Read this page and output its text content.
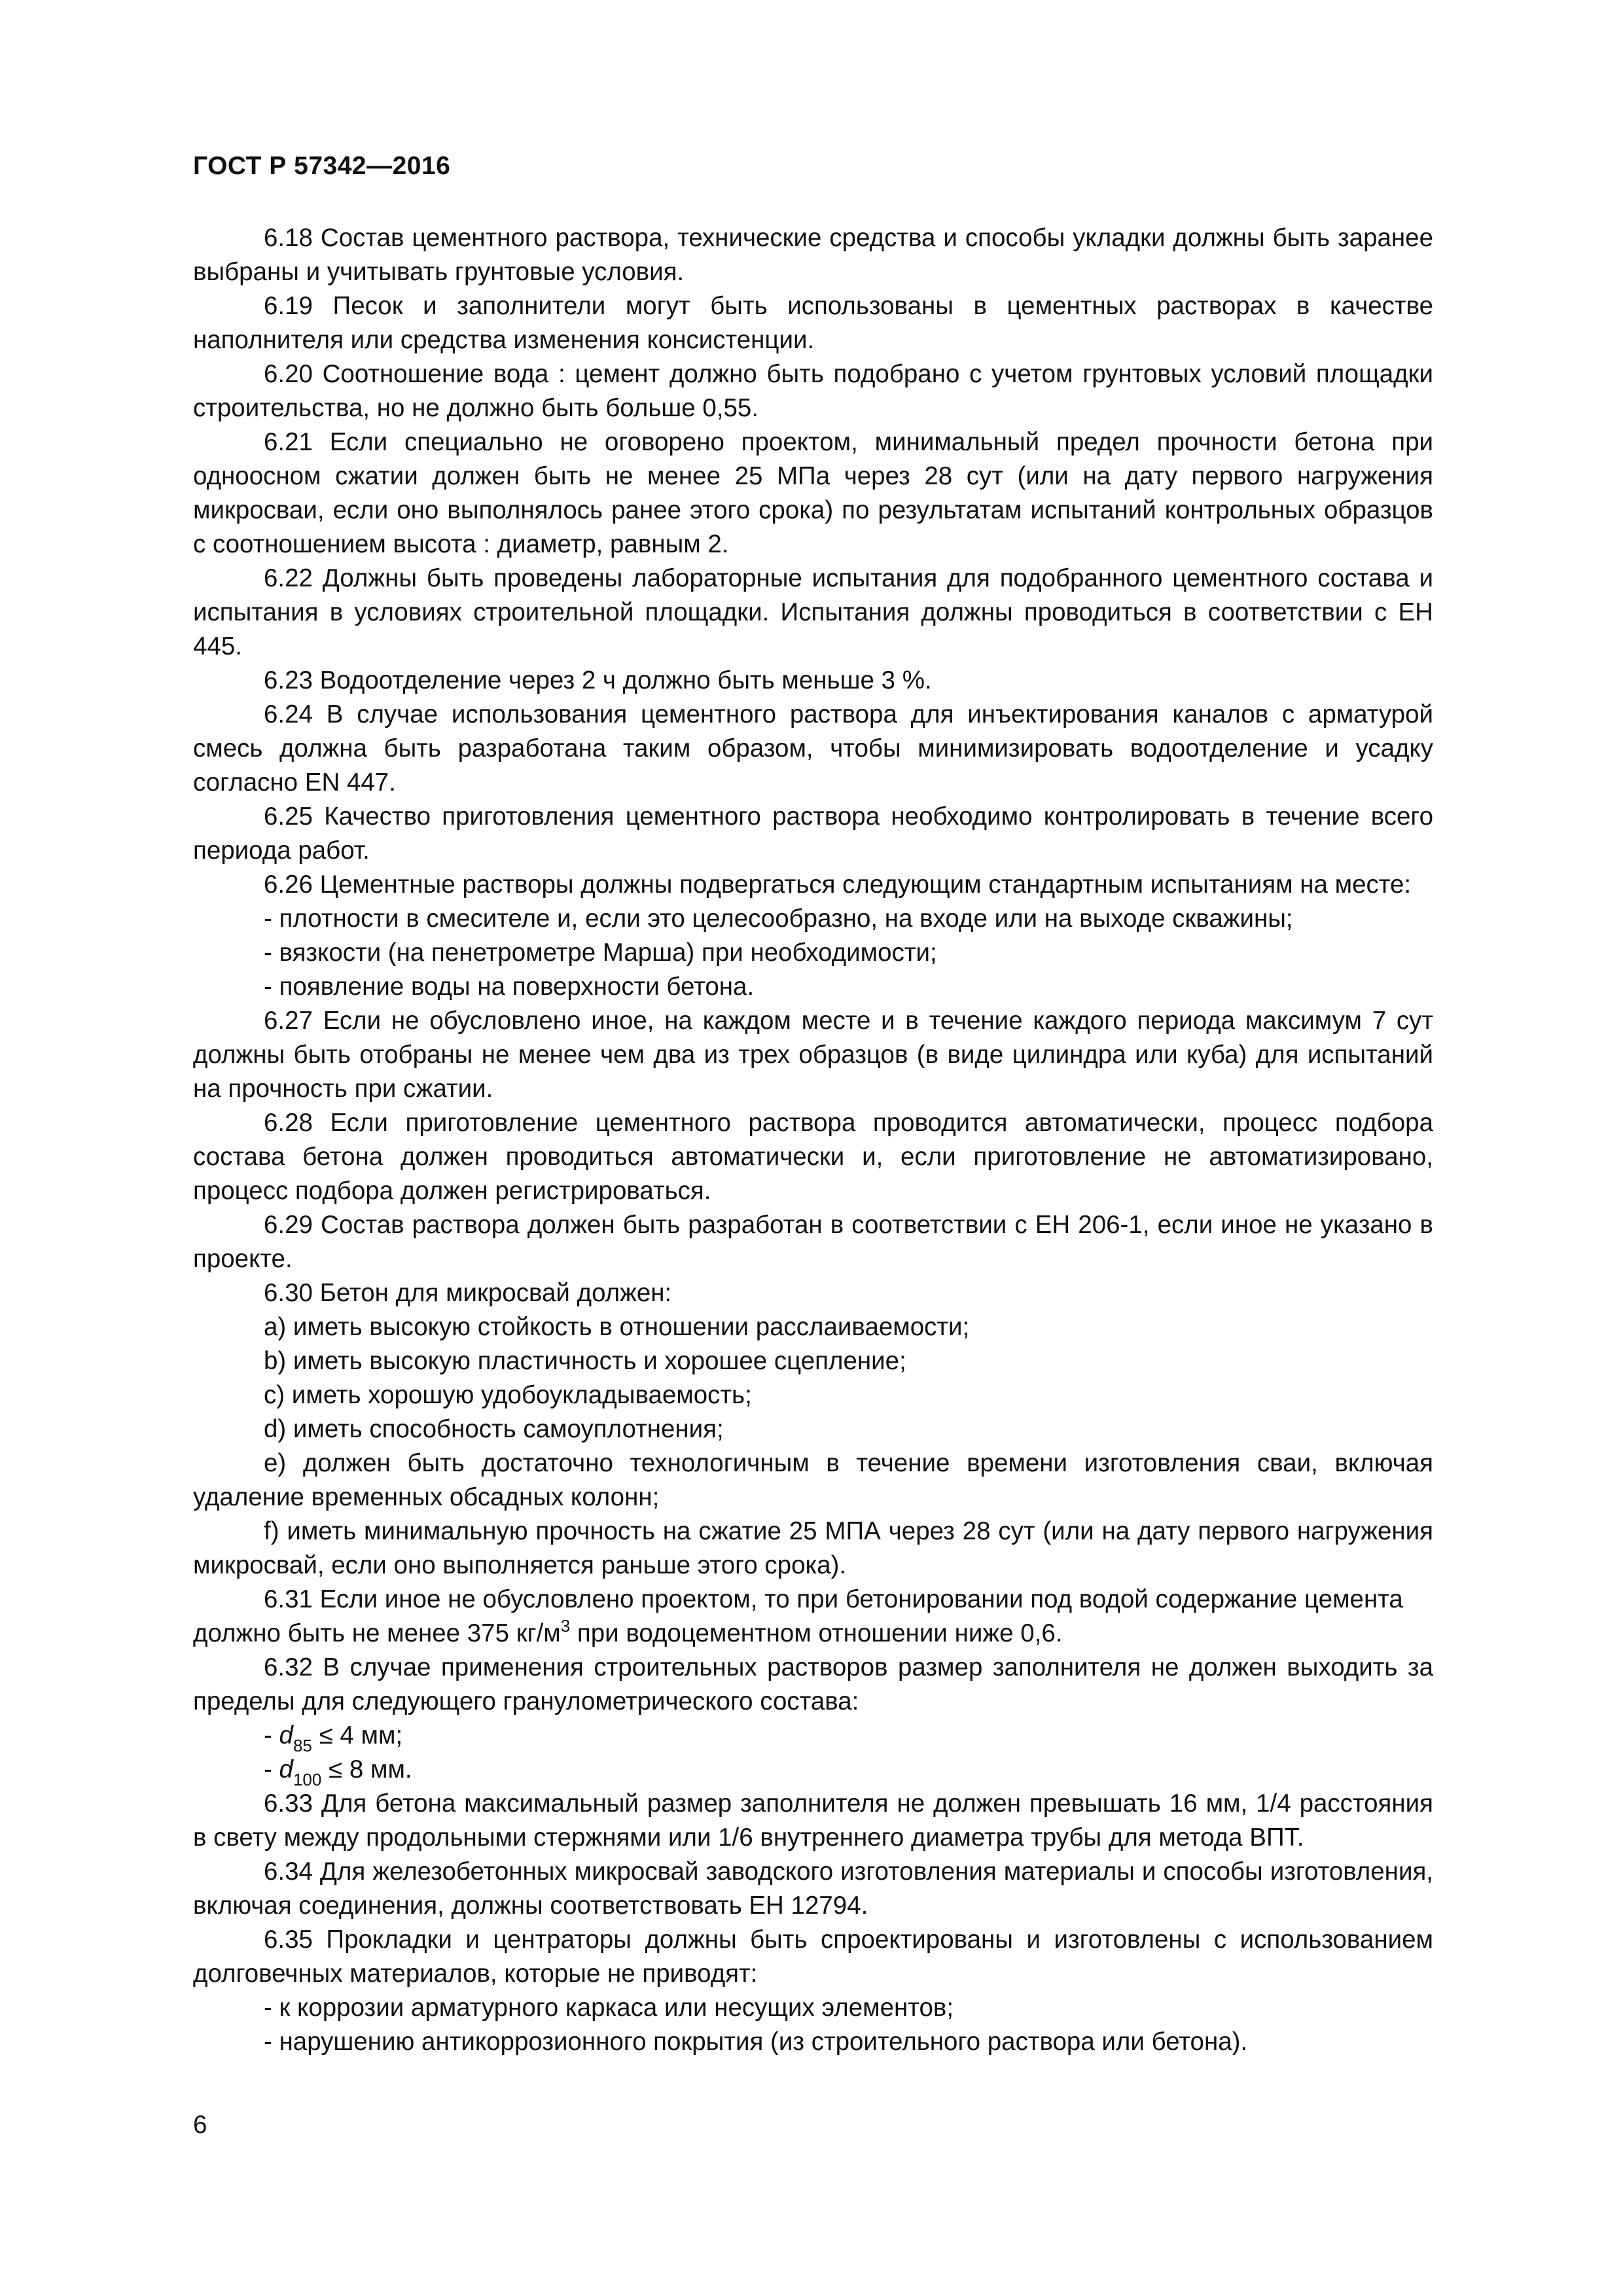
ГОСТ Р 57342—2016

6.18 Состав цементного раствора, технические средства и способы укладки должны быть заранее выбраны и учитывать грунтовые условия.

6.19 Песок и заполнители могут быть использованы в цементных растворах в качестве наполнителя или средства изменения консистенции.

6.20 Соотношение вода : цемент должно быть подобрано с учетом грунтовых условий площадки строительства, но не должно быть больше 0,55.

6.21 Если специально не оговорено проектом, минимальный предел прочности бетона при одноосном сжатии должен быть не менее 25 МПа через 28 сут (или на дату первого нагружения микросваи, если оно выполнялось ранее этого срока) по результатам испытаний контрольных образцов с соотношением высота : диаметр, равным 2.

6.22 Должны быть проведены лабораторные испытания для подобранного цементного состава и испытания в условиях строительной площадки. Испытания должны проводиться в соответствии с ЕН 445.

6.23 Водоотделение через 2 ч должно быть меньше 3 %.

6.24 В случае использования цементного раствора для инъектирования каналов с арматурой смесь должна быть разработана таким образом, чтобы минимизировать водоотделение и усадку согласно EN 447.

6.25 Качество приготовления цементного раствора необходимо контролировать в течение всего периода работ.

6.26 Цементные растворы должны подвергаться следующим стандартным испытаниям на месте:

- плотности в смесителе и, если это целесообразно, на входе или на выходе скважины;

- вязкости (на пенетрометре Марша) при необходимости;

- появление воды на поверхности бетона.

6.27 Если не обусловлено иное, на каждом месте и в течение каждого периода максимум 7 сут должны быть отобраны не менее чем два из трех образцов (в виде цилиндра или куба) для испытаний на прочность при сжатии.

6.28 Если приготовление цементного раствора проводится автоматически, процесс подбора состава бетона должен проводиться автоматически и, если приготовление не автоматизировано, процесс подбора должен регистрироваться.

6.29 Состав раствора должен быть разработан в соответствии с ЕН 206-1, если иное не указано в проекте.

6.30 Бетон для микросвай должен:

a) иметь высокую стойкость в отношении расслаиваемости;

b) иметь высокую пластичность и хорошее сцепление;

c) иметь хорошую удобоукладываемость;

d) иметь способность самоуплотнения;

e) должен быть достаточно технологичным в течение времени изготовления сваи, включая удаление временных обсадных колонн;

f) иметь минимальную прочность на сжатие 25 МПА через 28 сут (или на дату первого нагружения микросвай, если оно выполняется раньше этого срока).

6.31 Если иное не обусловлено проектом, то при бетонировании под водой содержание цемента должно быть не менее 375 $кг/м^3$ при водоцементном отношении ниже 0,6.

6.32 В случае применения строительных растворов размер заполнителя не должен выходить за пределы для следующего гранулометрического состава:

- $d_{85} \le 4$ мм;

- $d_{100} \le 8$ мм.

6.33 Для бетона максимальный размер заполнителя не должен превышать 16 мм, 1/4 расстояния в свету между продольными стержнями или 1/6 внутреннего диаметра трубы для метода ВПТ.

6.34 Для железобетонных микросвай заводского изготовления материалы и способы изготовления, включая соединения, должны соответствовать ЕН 12794.

6.35 Прокладки и центраторы должны быть спроектированы и изготовлены с использованием долговечных материалов, которые не приводят:

- к коррозии арматурного каркаса или несущих элементов;

- нарушению антикоррозионного покрытия (из строительного раствора или бетона).

6
